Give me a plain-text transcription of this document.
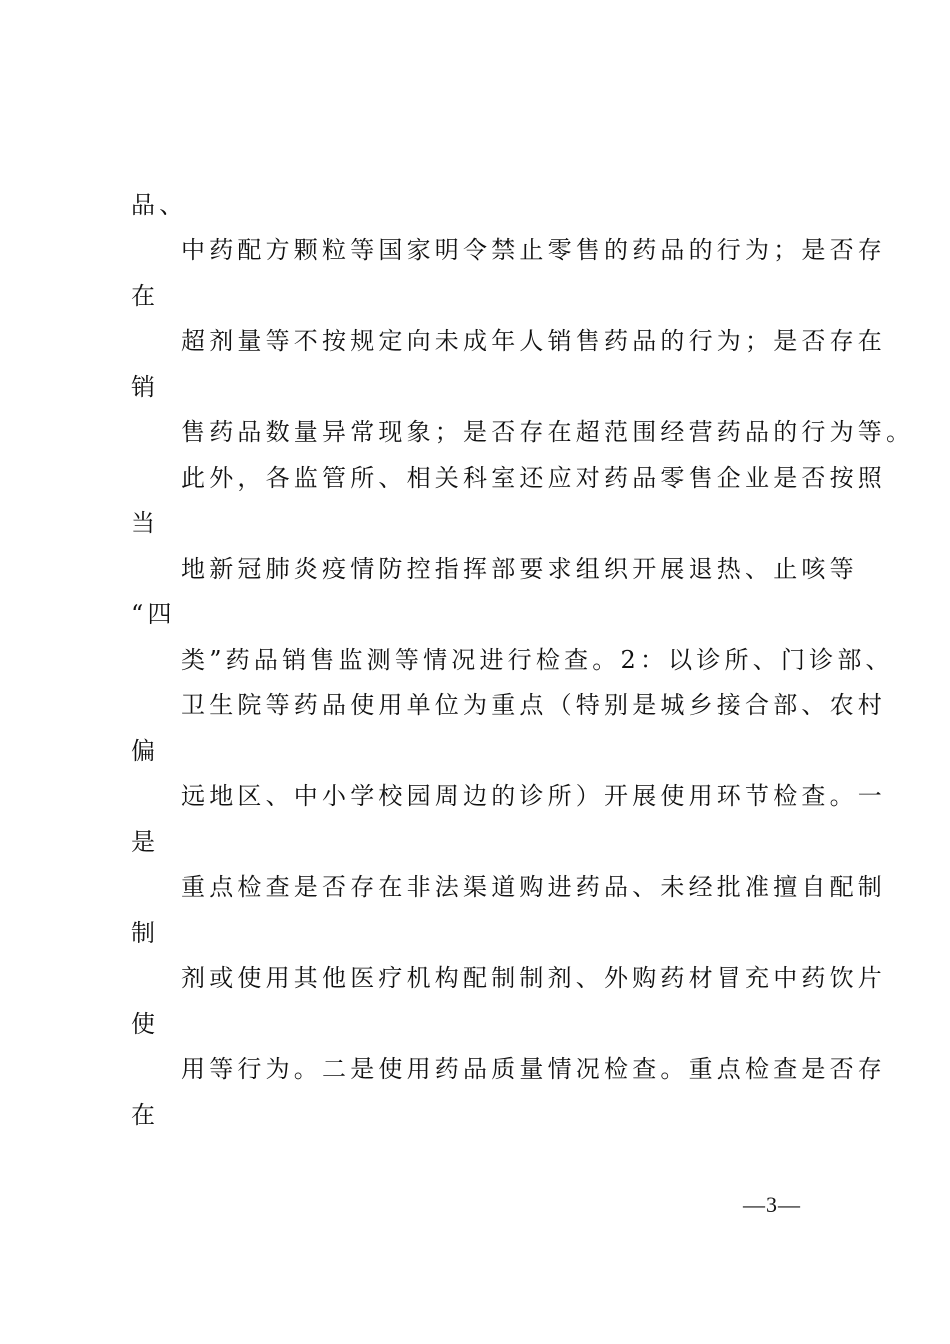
品、
中药配方颗粒等国家明令禁止零售的药品的行为；是否存
在
超剂量等不按规定向未成年人销售药品的行为；是否存在
销
售药品数量异常现象；是否存在超范围经营药品的行为等。
此外，各监管所、相关科室还应对药品零售企业是否按照
当
地新冠肺炎疫情防控指挥部要求组织开展退热、止咳等
“四
类”药品销售监测等情况进行检查。2：以诊所、门诊部、
卫生院等药品使用单位为重点（特别是城乡接合部、农村
偏
远地区、中小学校园周边的诊所）开展使用环节检查。一
是
重点检查是否存在非法渠道购进药品、未经批准擅自配制
制
剂或使用其他医疗机构配制制剂、外购药材冒充中药饮片
使
用等行为。二是使用药品质量情况检查。重点检查是否存
在
—3—
